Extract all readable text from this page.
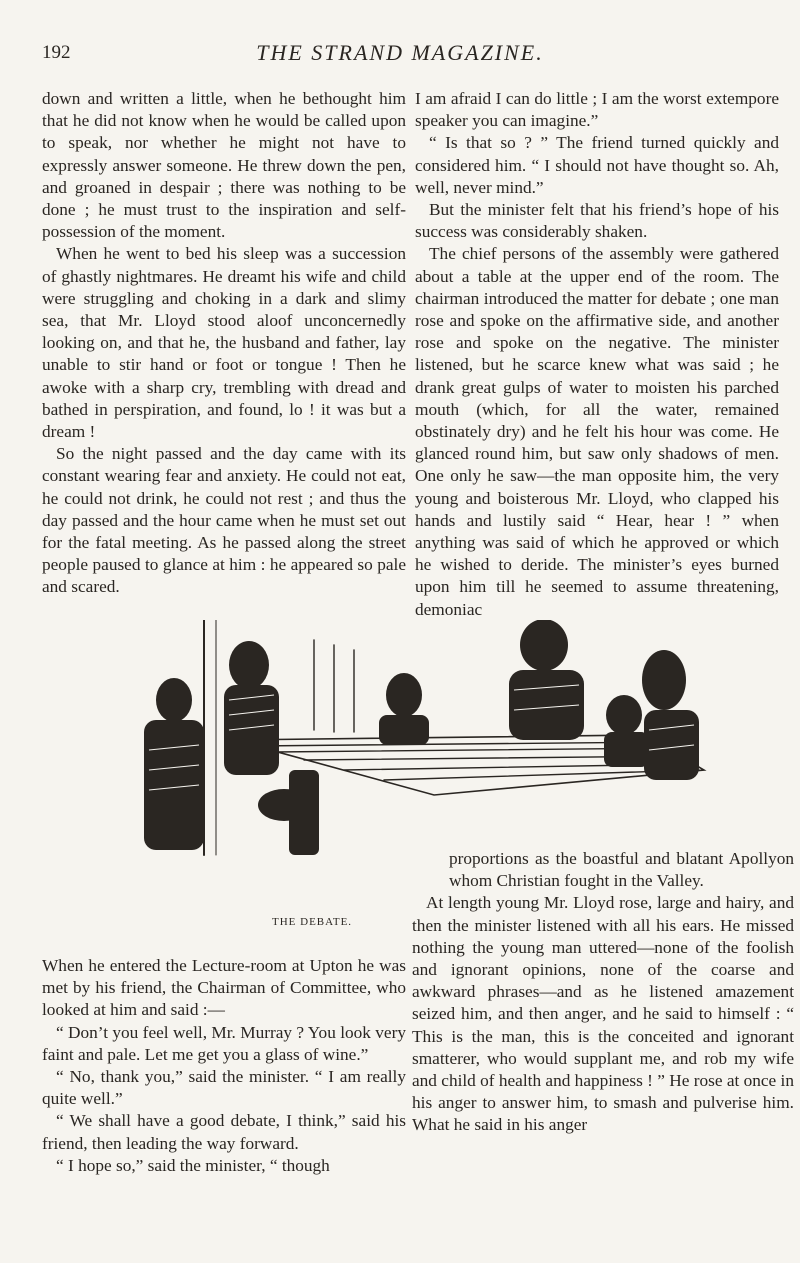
192	THE STRAND MAGAZINE.

down and written a little, when he bethought him that he did not know when he would be called upon to speak, nor whether he might not have to expressly answer someone. He threw down the pen, and groaned in despair ; there was nothing to be done ; he must trust to the inspiration and self-possession of the moment.

When he went to bed his sleep was a succession of ghastly nightmares. He dreamt his wife and child were struggling and choking in a dark and slimy sea, that Mr. Lloyd stood aloof unconcernedly looking on, and that he, the husband and father, lay unable to stir hand or foot or tongue ! Then he awoke with a sharp cry, trembling with dread and bathed in perspiration, and found, lo ! it was but a dream !

So the night passed and the day came with its constant wearing fear and anxiety. He could not eat, he could not drink, he could not rest ; and thus the day passed and the hour came when he must set out for the fatal meeting. As he passed along the street people paused to glance at him : he appeared so pale and scared.

I am afraid I can do little ; I am the worst extempore speaker you can imagine.”

“ Is that so ? ” The friend turned quickly and considered him. “ I should not have thought so. Ah, well, never mind.”

But the minister felt that his friend’s hope of his success was considerably shaken.

The chief persons of the assembly were gathered about a table at the upper end of the room. The chairman introduced the matter for debate ; one man rose and spoke on the affirmative side, and another rose and spoke on the negative. The minister listened, but he scarce knew what was said ; he drank great gulps of water to moisten his parched mouth (which, for all the water, remained obstinately dry) and he felt his hour was come. He glanced round him, but saw only shadows of men. One only he saw—the man opposite him, the very young and boisterous Mr. Lloyd, who clapped his hands and lustily said “ Hear, hear ! ” when anything was said of which he approved or which he wished to deride. The minister’s eyes burned upon him till he seemed to assume threatening, demoniac

THE DEBATE.

When he entered the Lecture-room at Upton he was met by his friend, the Chairman of Committee, who looked at him and said :—

“ Don’t you feel well, Mr. Murray ? You look very faint and pale. Let me get you a glass of wine.”

“ No, thank you,” said the minister. “ I am really quite well.”

“ We shall have a good debate, I think,” said his friend, then leading the way forward.

“ I hope so,” said the minister, “ though

proportions as the boastful and blatant Apollyon whom Christian fought in the Valley.

At length young Mr. Lloyd rose, large and hairy, and then the minister listened with all his ears. He missed nothing the young man uttered—none of the foolish and ignorant opinions, none of the coarse and awkward phrases—and as he listened amazement seized him, and then anger, and he said to himself : “ This is the man, this is the conceited and ignorant smatterer, who would supplant me, and rob my wife and child of health and happiness ! ” He rose at once in his anger to answer him, to smash and pulverise him. What he said in his anger
